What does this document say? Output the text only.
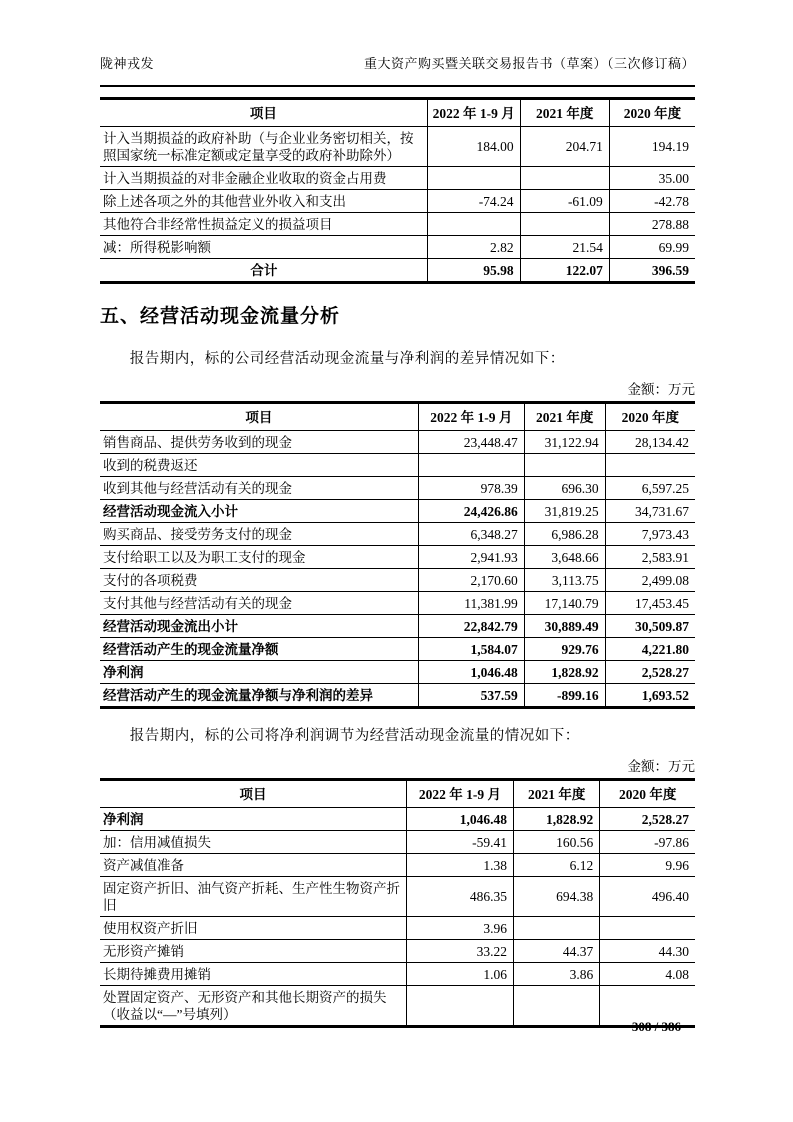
陇神戎发	重大资产购买暨关联交易报告书（草案）（三次修订稿）
项目	2022 年 1-9 月	2021 年度	2020 年度
计入当期损益的政府补助（与企业业务密切相关，按照国家统一标准定额或定量享受的政府补助除外）	184.00	204.71	194.19
计入当期损益的对非金融企业收取的资金占用费			35.00
除上述各项之外的其他营业外收入和支出	-74.24	-61.09	-42.78
其他符合非经常性损益定义的损益项目			278.88
减：所得税影响额	2.82	21.54	69.99
合计	95.98	122.07	396.59
五、经营活动现金流量分析
报告期内，标的公司经营活动现金流量与净利润的差异情况如下：
金额：万元
项目	2022 年 1-9 月	2021 年度	2020 年度
销售商品、提供劳务收到的现金	23,448.47	31,122.94	28,134.42
收到的税费返还			
收到其他与经营活动有关的现金	978.39	696.30	6,597.25
经营活动现金流入小计	24,426.86	31,819.25	34,731.67
购买商品、接受劳务支付的现金	6,348.27	6,986.28	7,973.43
支付给职工以及为职工支付的现金	2,941.93	3,648.66	2,583.91
支付的各项税费	2,170.60	3,113.75	2,499.08
支付其他与经营活动有关的现金	11,381.99	17,140.79	17,453.45
经营活动现金流出小计	22,842.79	30,889.49	30,509.87
经营活动产生的现金流量净额	1,584.07	929.76	4,221.80
净利润	1,046.48	1,828.92	2,528.27
经营活动产生的现金流量净额与净利润的差异	537.59	-899.16	1,693.52
报告期内，标的公司将净利润调节为经营活动现金流量的情况如下：
金额：万元
项目	2022 年 1-9 月	2021 年度	2020 年度
净利润	1,046.48	1,828.92	2,528.27
加：信用减值损失	-59.41	160.56	-97.86
资产减值准备	1.38	6.12	9.96
固定资产折旧、油气资产折耗、生产性生物资产折旧	486.35	694.38	496.40
使用权资产折旧	3.96		
无形资产摊销	33.22	44.37	44.30
长期待摊费用摊销	1.06	3.86	4.08
处置固定资产、无形资产和其他长期资产的损失（收益以“—”号填列）			
308 / 386
